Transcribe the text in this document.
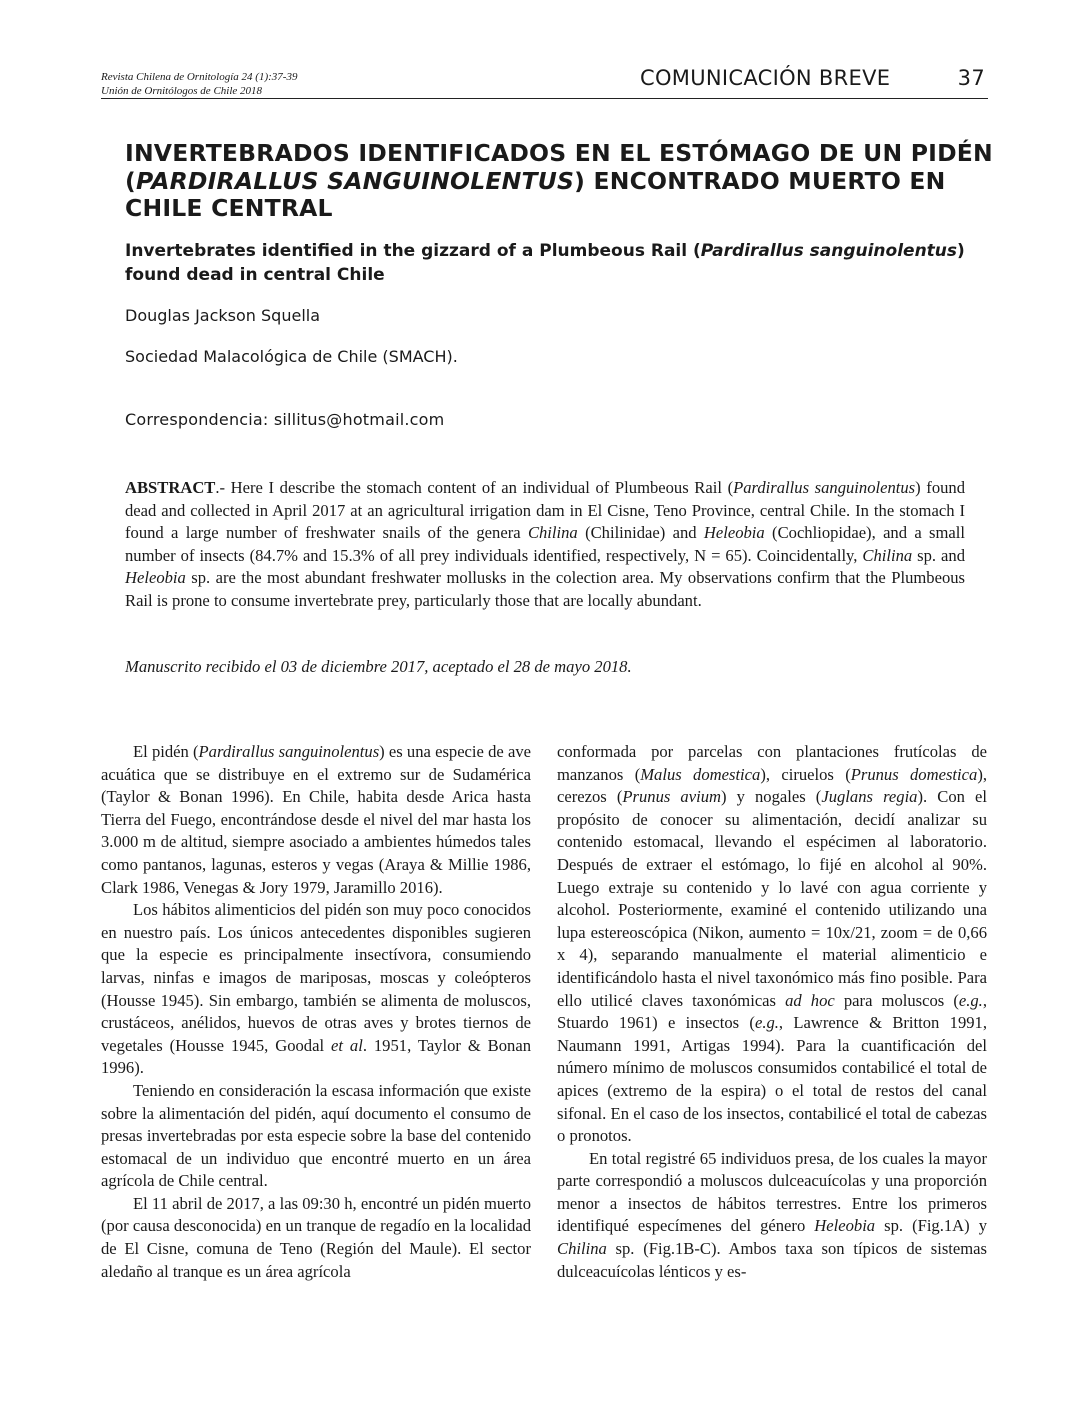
Revista Chilena de Ornitología 24 (1):37-39
Unión de Ornitólogos de Chile 2018
COMUNICACIÓN BREVE	37
INVERTEBRADOS IDENTIFICADOS EN EL ESTÓMAGO DE UN PIDÉN (PARDIRALLUS SANGUINOLENTUS) ENCONTRADO MUERTO EN CHILE CENTRAL
Invertebrates identified in the gizzard of a Plumbeous Rail (Pardirallus sanguinolentus) found dead in central Chile
Douglas Jackson Squella
Sociedad Malacológica de Chile (SMACH).
Correspondencia: sillitus@hotmail.com

ABSTRACT.- Here I describe the stomach content of an individual of Plumbeous Rail (Pardirallus sanguinolentus) found dead and collected in April 2017 at an agricultural irrigation dam in El Cisne, Teno Province, central Chile. In the stomach I found a large number of freshwater snails of the genera Chilina (Chilinidae) and Heleobia (Cochliopidae), and a small number of insects (84.7% and 15.3% of all prey individuals identified, respectively, N = 65). Coincidentally, Chilina sp. and Heleobia sp. are the most abundant freshwater mollusks in the colection area. My observations confirm that the Plumbeous Rail is prone to consume invertebrate prey, particularly those that are locally abundant.

Manuscrito recibido el 03 de diciembre 2017, aceptado el 28 de mayo 2018.

El pidén (Pardirallus sanguinolentus) es una especie de ave acuática que se distribuye en el extremo sur de Sudamérica (Taylor & Bonan 1996). En Chile, habita desde Arica hasta Tierra del Fuego, encontrándose desde el nivel del mar hasta los 3.000 m de altitud, siempre asociado a ambientes húmedos tales como pantanos, lagunas, esteros y vegas (Araya & Millie 1986, Clark 1986, Venegas & Jory 1979, Jaramillo 2016).

Los hábitos alimenticios del pidén son muy poco conocidos en nuestro país. Los únicos antecedentes disponibles sugieren que la especie es principalmente insectívora, consumiendo larvas, ninfas e imagos de mariposas, moscas y coleópteros (Housse 1945). Sin embargo, también se alimenta de moluscos, crustáceos, anélidos, huevos de otras aves y brotes tiernos de vegetales (Housse 1945, Goodal et al. 1951, Taylor & Bonan 1996).

Teniendo en consideración la escasa información que existe sobre la alimentación del pidén, aquí documento el consumo de presas invertebradas por esta especie sobre la base del contenido estomacal de un individuo que encontré muerto en un área agrícola de Chile central.

El 11 abril de 2017, a las 09:30 h, encontré un pidén muerto (por causa desconocida) en un tranque de regadío en la localidad de El Cisne, comuna de Teno (Región del Maule). El sector aledaño al tranque es un área agrícola

conformada por parcelas con plantaciones frutícolas de manzanos (Malus domestica), ciruelos (Prunus domestica), cerezos (Prunus avium) y nogales (Juglans regia). Con el propósito de conocer su alimentación, decidí analizar su contenido estomacal, llevando el espécimen al laboratorio. Después de extraer el estómago, lo fijé en alcohol al 90%. Luego extraje su contenido y lo lavé con agua corriente y alcohol. Posteriormente, examiné el contenido utilizando una lupa estereoscópica (Nikon, aumento = 10x/21, zoom = de 0,66 x 4), separando manualmente el material alimenticio e identificándolo hasta el nivel taxonómico más fino posible. Para ello utilicé claves taxonómicas ad hoc para moluscos (e.g., Stuardo 1961) e insectos (e.g., Lawrence & Britton 1991, Naumann 1991, Artigas 1994). Para la cuantificación del número mínimo de moluscos consumidos contabilicé el total de apices (extremo de la espira) o el total de restos del canal sifonal. En el caso de los insectos, contabilicé el total de cabezas o pronotos.

En total registré 65 individuos presa, de los cuales la mayor parte correspondió a moluscos dulceacuícolas y una proporción menor a insectos de hábitos terrestres. Entre los primeros identifiqué especímenes del género Heleobia sp. (Fig.1A) y Chilina sp. (Fig.1B-C). Ambos taxa son típicos de sistemas dulceacuícolas lénticos y es-
